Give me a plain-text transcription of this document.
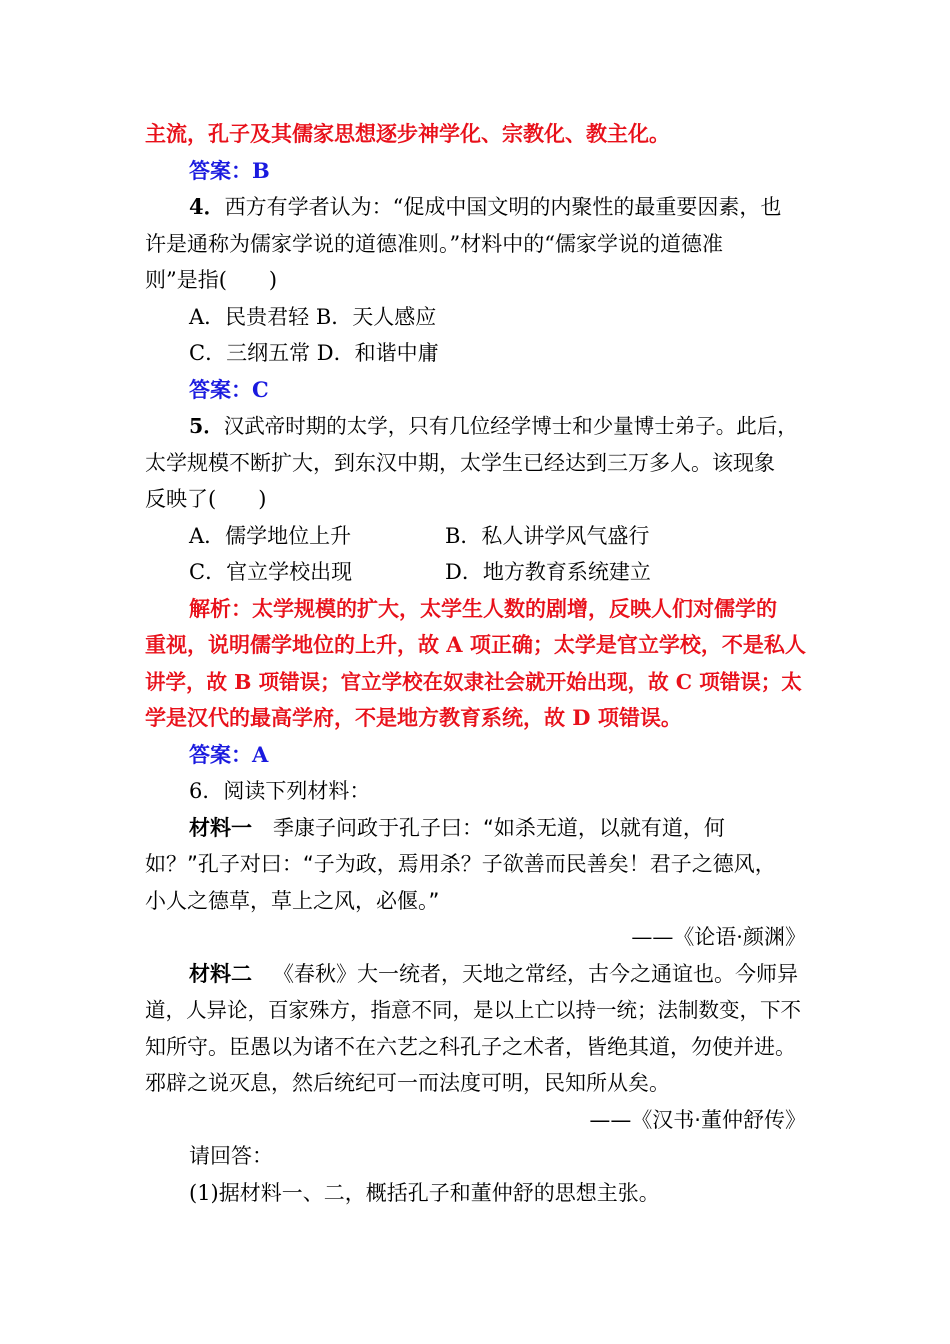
主流，孔子及其儒家思想逐步神学化、宗教化、教主化。
答案：B
4．西方有学者认为：“促成中国文明的内聚性的最重要因素，也
许是通称为儒家学说的道德准则。”材料中的“儒家学说的道德准
则”是指(　　)
A．民贵君轻 B．天人感应
C．三纲五常 D．和谐中庸
答案：C
5．汉武帝时期的太学，只有几位经学博士和少量博士弟子。此后，
太学规模不断扩大，到东汉中期，太学生已经达到三万多人。该现象
反映了(　　)
A．儒学地位上升	B．私人讲学风气盛行
C．官立学校出现	D．地方教育系统建立
解析：太学规模的扩大，太学生人数的剧增，反映人们对儒学的
重视，说明儒学地位的上升，故 A 项正确；太学是官立学校，不是私人
讲学，故 B 项错误；官立学校在奴隶社会就开始出现，故 C 项错误；太
学是汉代的最高学府，不是地方教育系统，故 D 项错误。
答案：A
6．阅读下列材料：
材料一  季康子问政于孔子曰：“如杀无道，以就有道，何
如？”孔子对曰：“子为政，焉用杀？子欲善而民善矣！君子之德风，
小人之德草，草上之风，必偃。”
——《论语·颜渊》
材料二  《春秋》大一统者，天地之常经，古今之通谊也。今师异
道，人异论，百家殊方，指意不同，是以上亡以持一统；法制数变，下不
知所守。臣愚以为诸不在六艺之科孔子之术者，皆绝其道，勿使并进。
邪辟之说灭息，然后统纪可一而法度可明，民知所从矣。
——《汉书·董仲舒传》
请回答：
(1)据材料一、二，概括孔子和董仲舒的思想主张。
